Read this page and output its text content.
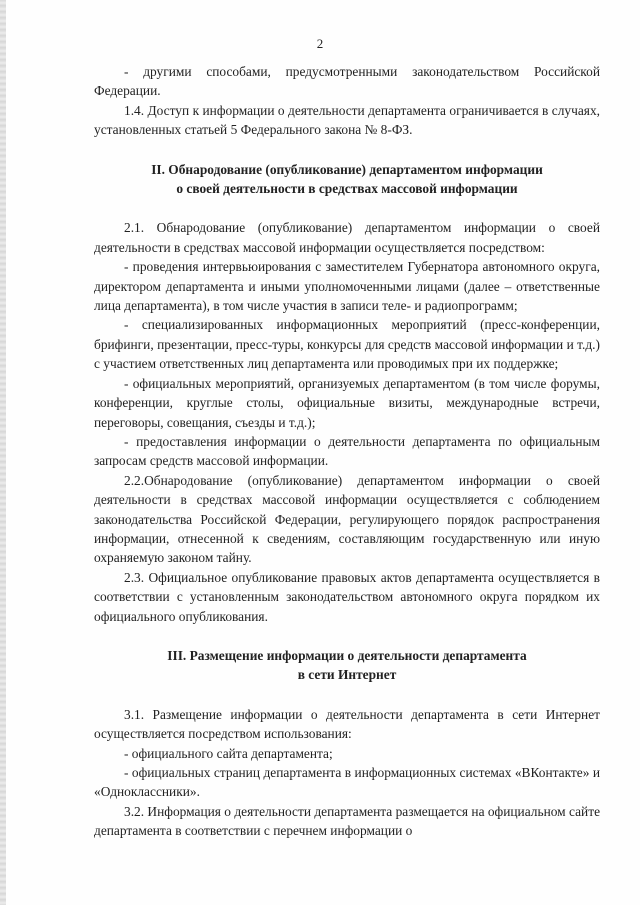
2

- другими способами, предусмотренными законодательством Российской Федерации.

1.4. Доступ к информации о деятельности департамента ограничивается в случаях, установленных статьей 5 Федерального закона № 8-ФЗ.

II. Обнародование (опубликование) департаментом информации

о своей деятельности в средствах массовой информации

2.1. Обнародование (опубликование) департаментом информации о своей деятельности в средствах массовой информации осуществляется посредством:

- проведения интервьюирования с заместителем Губернатора автономного округа, директором департамента и иными уполномоченными лицами (далее – ответственные лица департамента), в том числе участия в записи теле- и радиопрограмм;

- специализированных информационных мероприятий (пресс-конференции, брифинги, презентации, пресс-туры, конкурсы для средств массовой информации и т.д.) с участием ответственных лиц департамента или проводимых при их поддержке;

- официальных мероприятий, организуемых департаментом (в том числе форумы, конференции, круглые столы, официальные визиты, международные встречи, переговоры, совещания, съезды и т.д.);

- предоставления информации о деятельности департамента по официальным запросам средств массовой информации.

2.2.Обнародование (опубликование) департаментом информации о своей деятельности в средствах массовой информации осуществляется с соблюдением законодательства Российской Федерации, регулирующего порядок распространения информации, отнесенной к сведениям, составляющим государственную или иную охраняемую законом тайну.

2.3. Официальное опубликование правовых актов департамента осуществляется в соответствии с установленным законодательством автономного округа порядком их официального опубликования.

III. Размещение информации о деятельности департамента

в сети Интернет

3.1. Размещение информации о деятельности департамента в сети Интернет осуществляется посредством использования:

- официального сайта департамента;

- официальных страниц департамента в информационных системах «ВКонтакте» и «Одноклассники».

3.2. Информация о деятельности департамента размещается на официальном сайте департамента в соответствии с перечнем информации о
